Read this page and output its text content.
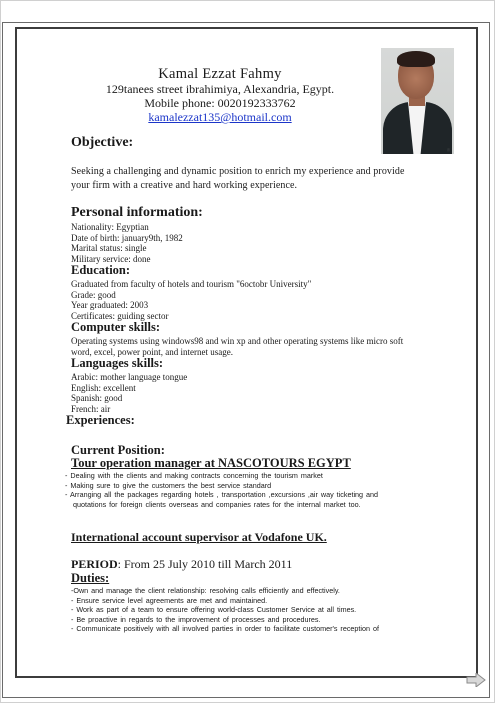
Kamal Ezzat Fahmy
129tanees street ibrahimiya, Alexandria, Egypt.
Mobile phone: 0020192333762
kamalezzat135@hotmail.com
ⓒ
Objective:
Seeking a challenging and dynamic position to enrich my experience and provide your firm with a creative and hard working experience.
Personal information:
Nationality: Egyptian
Date of birth: january9th, 1982
Marital status: single
Military service: done
Education:
Graduated from faculty of hotels and tourism "6octobr University"
Grade: good
Year graduated: 2003
Certificates: guiding sector
Computer skills:
Operating systems using windows98 and win xp and other operating systems like micro soft word, excel, power point, and internet usage.
Languages skills:
Arabic: mother language tongue
English: excellent
Spanish: good
French: air
Experiences:
Current Position:
Tour operation manager at NASCOTOURS EGYPT
- Dealing with the clients and making contracts concerning the tourism market
- Making sure to give the customers the best service standard
- Arranging all the packages regarding hotels , transportation ,excursions ,air way ticketing and quotations for foreign clients overseas and companies rates for the internal market too.
International account supervisor at Vodafone UK.
PERIOD: From 25 July 2010 till March 2011
Duties:
-Own and manage the client relationship: resolving calls efficiently and effectively.
- Ensure service level agreements are met and maintained.
- Work as part of a team to ensure offering world-class Customer Service at all times.
- Be proactive in regards to the improvement of processes and procedures.
- Communicate positively with all involved parties in order to facilitate customer's reception of
